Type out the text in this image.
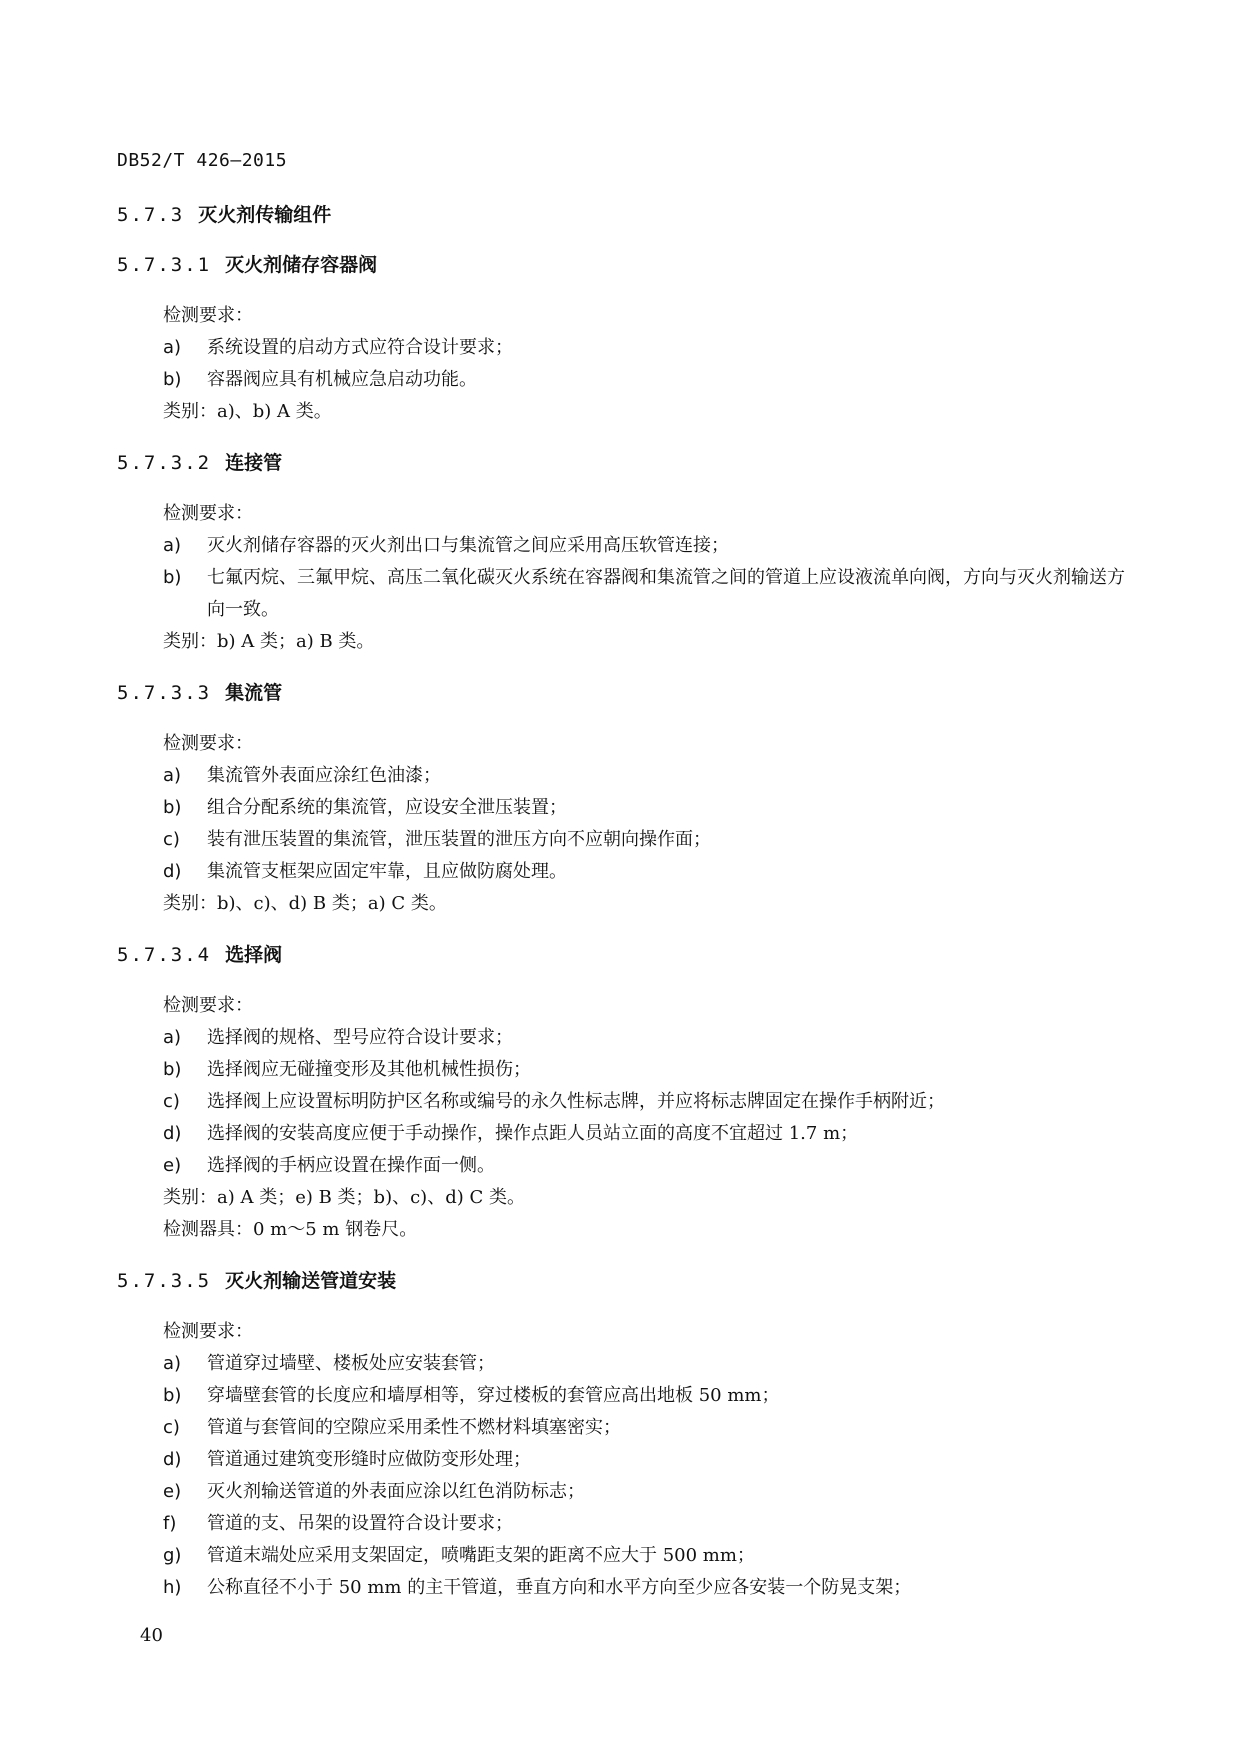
DB52/T 426—2015
5.7.3 灭火剂传输组件
5.7.3.1 灭火剂储存容器阀
检测要求：
a)	系统设置的启动方式应符合设计要求；
b)	容器阀应具有机械应急启动功能。
类别：a)、b) A 类。
5.7.3.2 连接管
检测要求：
a)	灭火剂储存容器的灭火剂出口与集流管之间应采用高压软管连接；
b)	七氟丙烷、三氟甲烷、高压二氧化碳灭火系统在容器阀和集流管之间的管道上应设液流单向阀，方向与灭火剂输送方向一致。
类别：b) A 类；a) B 类。
5.7.3.3 集流管
检测要求：
a)	集流管外表面应涂红色油漆；
b)	组合分配系统的集流管，应设安全泄压装置；
c)	装有泄压装置的集流管，泄压装置的泄压方向不应朝向操作面；
d)	集流管支框架应固定牢靠，且应做防腐处理。
类别：b)、c)、d) B 类；a) C 类。
5.7.3.4 选择阀
检测要求：
a)	选择阀的规格、型号应符合设计要求；
b)	选择阀应无碰撞变形及其他机械性损伤；
c)	选择阀上应设置标明防护区名称或编号的永久性标志牌，并应将标志牌固定在操作手柄附近；
d)	选择阀的安装高度应便于手动操作，操作点距人员站立面的高度不宜超过 1.7 m；
e)	选择阀的手柄应设置在操作面一侧。
类别：a) A 类；e) B 类；b)、c)、d) C 类。
检测器具：0 m～5 m 钢卷尺。
5.7.3.5 灭火剂输送管道安装
检测要求：
a)	管道穿过墙壁、楼板处应安装套管；
b)	穿墙壁套管的长度应和墙厚相等，穿过楼板的套管应高出地板 50 mm；
c)	管道与套管间的空隙应采用柔性不燃材料填塞密实；
d)	管道通过建筑变形缝时应做防变形处理；
e)	灭火剂输送管道的外表面应涂以红色消防标志；
f)	管道的支、吊架的设置符合设计要求；
g)	管道末端处应采用支架固定，喷嘴距支架的距离不应大于 500 mm；
h)	公称直径不小于 50 mm 的主干管道，垂直方向和水平方向至少应各安装一个防晃支架；
40
